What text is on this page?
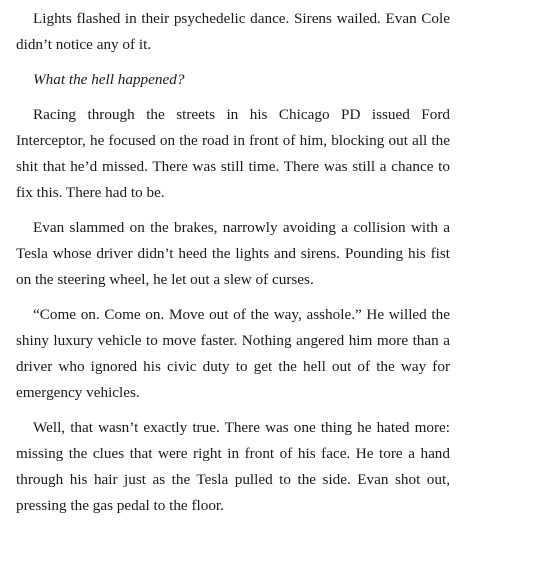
Lights flashed in their psychedelic dance. Sirens wailed. Evan Cole didn’t notice any of it.

What the hell happened?

Racing through the streets in his Chicago PD issued Ford Interceptor, he focused on the road in front of him, blocking out all the shit that he’d missed. There was still time. There was still a chance to fix this. There had to be.

Evan slammed on the brakes, narrowly avoiding a collision with a Tesla whose driver didn’t heed the lights and sirens. Pounding his fist on the steering wheel, he let out a slew of curses.

“Come on. Come on. Move out of the way, asshole.” He willed the shiny luxury vehicle to move faster. Nothing angered him more than a driver who ignored his civic duty to get the hell out of the way for emergency vehicles.

Well, that wasn’t exactly true. There was one thing he hated more: missing the clues that were right in front of his face. He tore a hand through his hair just as the Tesla pulled to the side. Evan shot out, pressing the gas pedal to the floor.
